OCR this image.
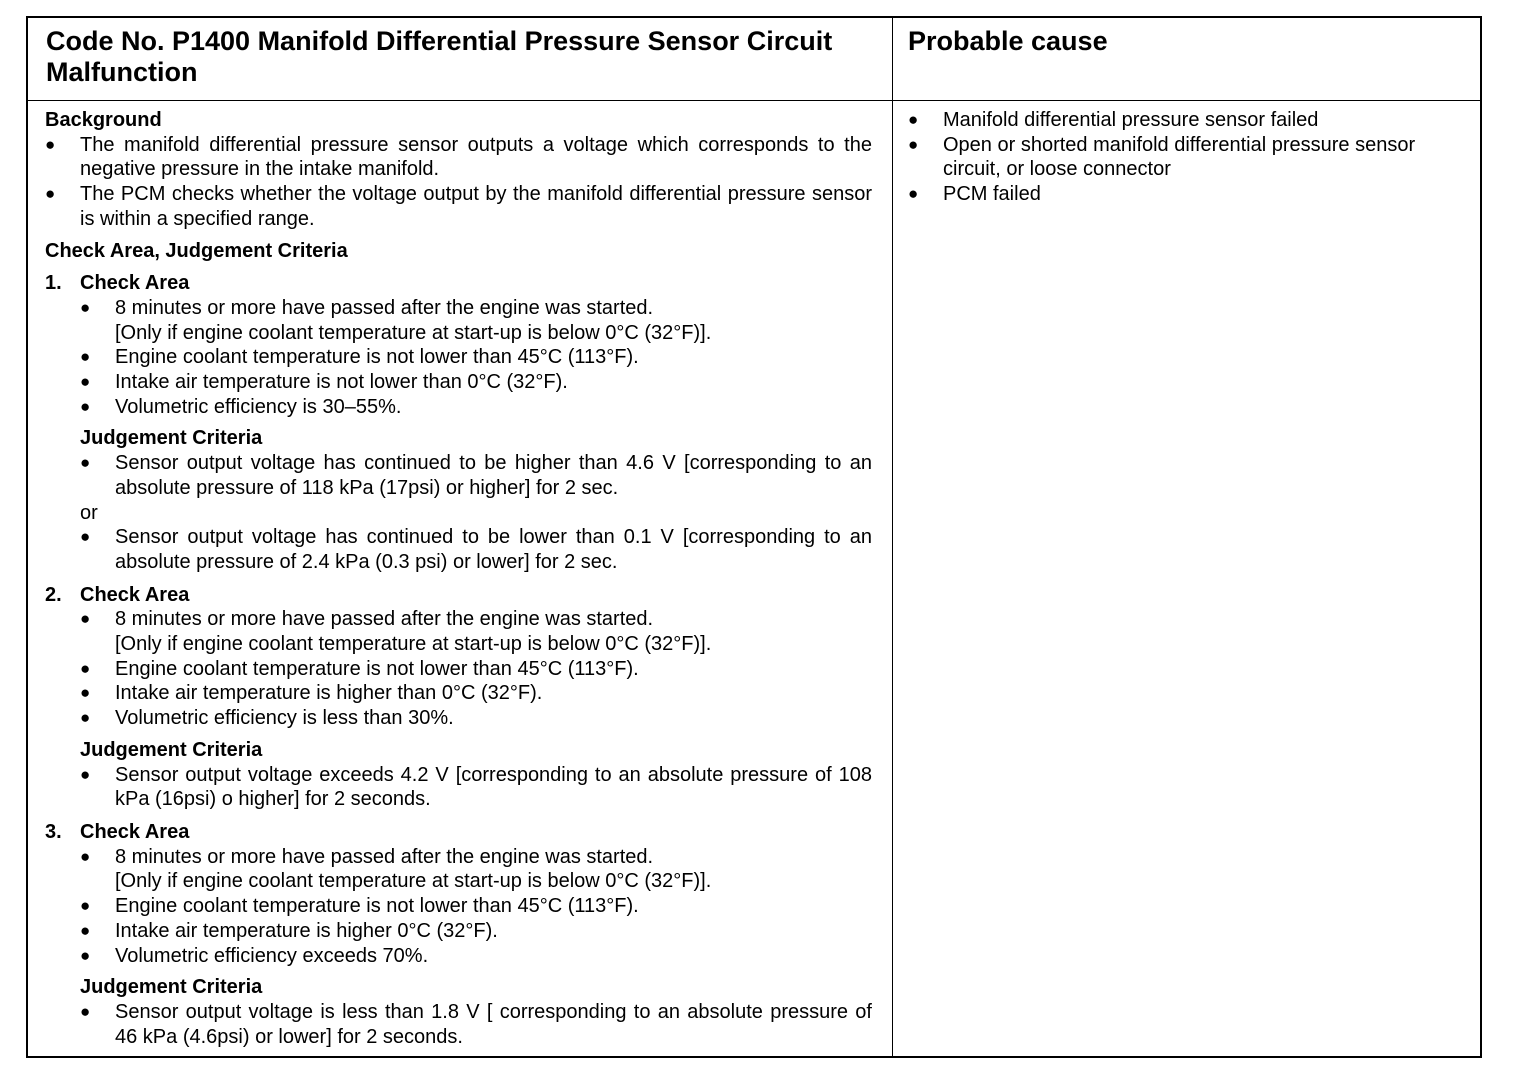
Code No. P1400 Manifold Differential Pressure Sensor Circuit Malfunction
Probable cause
Background
● The manifold differential pressure sensor outputs a voltage which corresponds to the negative pressure in the intake manifold.
● The PCM checks whether the voltage output by the manifold differential pressure sensor is within a specified range.
Check Area, Judgement Criteria
1. Check Area
● 8 minutes or more have passed after the engine was started.
[Only if engine coolant temperature at start-up is below 0°C (32°F)].
● Engine coolant temperature is not lower than 45°C (113°F).
● Intake air temperature is not lower than 0°C (32°F).
● Volumetric efficiency is 30–55%.
Judgement Criteria
● Sensor output voltage has continued to be higher than 4.6 V [corresponding to an absolute pressure of 118 kPa (17psi) or higher] for 2 sec.
or
● Sensor output voltage has continued to be lower than 0.1 V [corresponding to an absolute pressure of 2.4 kPa (0.3 psi) or lower] for 2 sec.
2. Check Area
● 8 minutes or more have passed after the engine was started.
[Only if engine coolant temperature at start-up is below 0°C (32°F)].
● Engine coolant temperature is not lower than 45°C (113°F).
● Intake air temperature is higher than 0°C (32°F).
● Volumetric efficiency is less than 30%.
Judgement Criteria
● Sensor output voltage exceeds 4.2 V [corresponding to an absolute pressure of 108 kPa (16psi) o higher] for 2 seconds.
3. Check Area
● 8 minutes or more have passed after the engine was started.
[Only if engine coolant temperature at start-up is below 0°C (32°F)].
● Engine coolant temperature is not lower than 45°C (113°F).
● Intake air temperature is higher 0°C (32°F).
● Volumetric efficiency exceeds 70%.
Judgement Criteria
● Sensor output voltage is less than 1.8 V [ corresponding to an absolute pressure of 46 kPa (4.6psi) or lower] for 2 seconds.
● Manifold differential pressure sensor failed
● Open or shorted manifold differential pressure sensor circuit, or loose connector
● PCM failed
